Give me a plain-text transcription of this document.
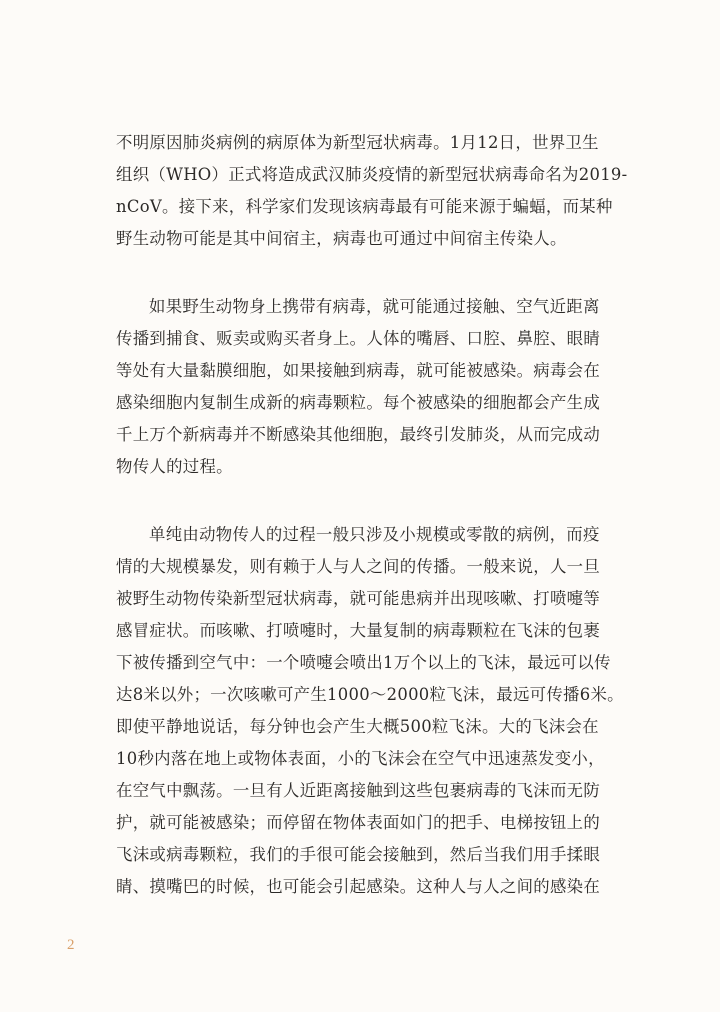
不明原因肺炎病例的病原体为新型冠状病毒。1月12日，世界卫生
组织（WHO）正式将造成武汉肺炎疫情的新型冠状病毒命名为2019-
nCoV。接下来，科学家们发现该病毒最有可能来源于蝙蝠，而某种
野生动物可能是其中间宿主，病毒也可通过中间宿主传染人。

如果野生动物身上携带有病毒，就可能通过接触、空气近距离
传播到捕食、贩卖或购买者身上。人体的嘴唇、口腔、鼻腔、眼睛
等处有大量黏膜细胞，如果接触到病毒，就可能被感染。病毒会在
感染细胞内复制生成新的病毒颗粒。每个被感染的细胞都会产生成
千上万个新病毒并不断感染其他细胞，最终引发肺炎，从而完成动
物传人的过程。

单纯由动物传人的过程一般只涉及小规模或零散的病例，而疫
情的大规模暴发，则有赖于人与人之间的传播。一般来说，人一旦
被野生动物传染新型冠状病毒，就可能患病并出现咳嗽、打喷嚏等
感冒症状。而咳嗽、打喷嚏时，大量复制的病毒颗粒在飞沫的包裹
下被传播到空气中：一个喷嚏会喷出1万个以上的飞沫，最远可以传
达8米以外；一次咳嗽可产生1000～2000粒飞沫，最远可传播6米。
即使平静地说话，每分钟也会产生大概500粒飞沫。大的飞沫会在
10秒内落在地上或物体表面，小的飞沫会在空气中迅速蒸发变小，
在空气中飘荡。一旦有人近距离接触到这些包裹病毒的飞沫而无防
护，就可能被感染；而停留在物体表面如门的把手、电梯按钮上的
飞沫或病毒颗粒，我们的手很可能会接触到，然后当我们用手揉眼
睛、摸嘴巴的时候，也可能会引起感染。这种人与人之间的感染在

2
